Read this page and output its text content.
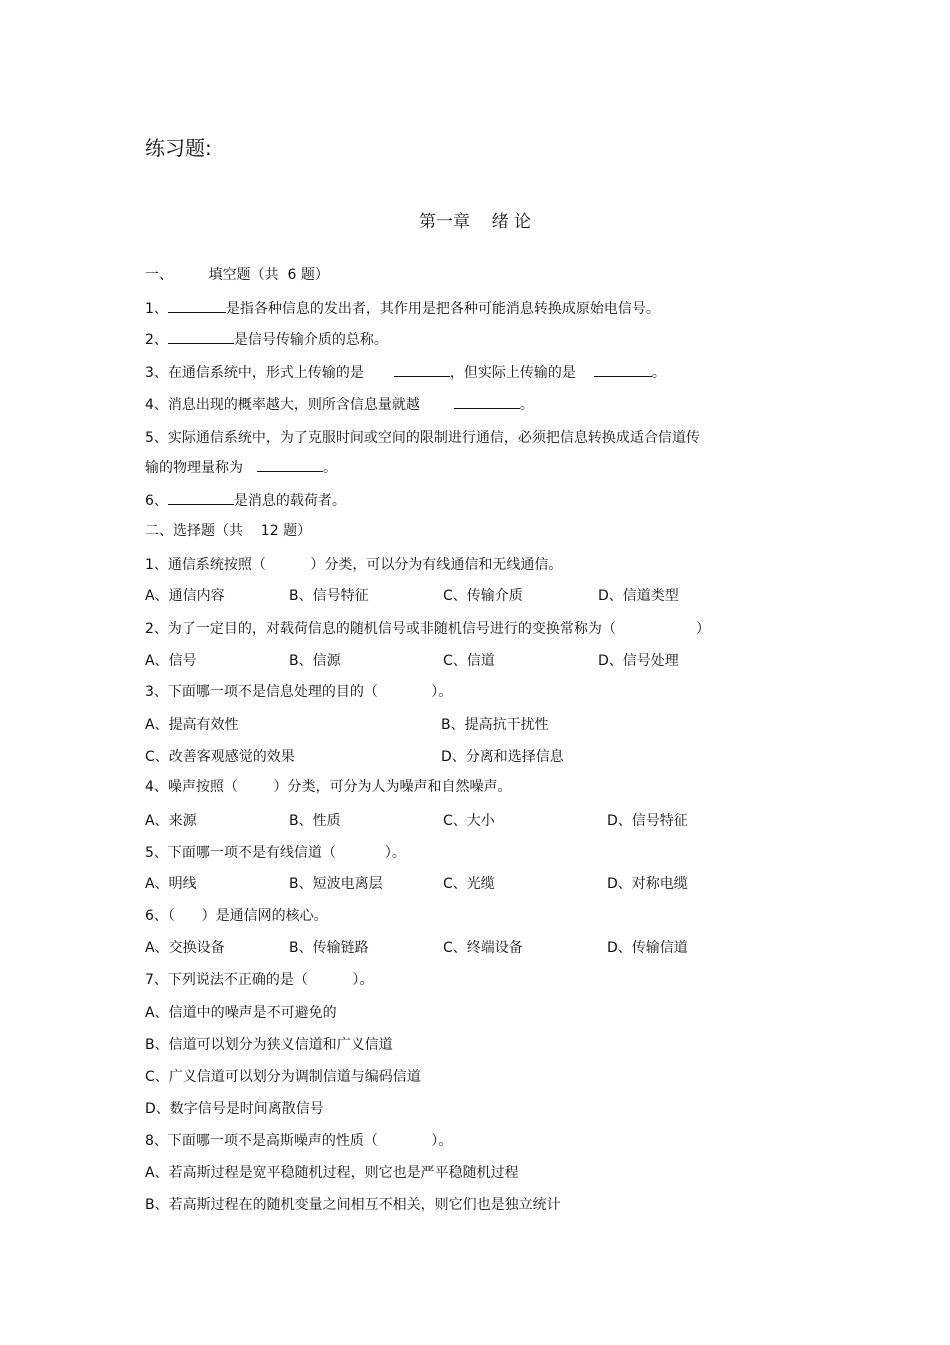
练习题:
第一章    绪 论
一、        填空题（共  6 题）
1、	是指各种信息的发出者，其作用是把各种可能消息转换成原始电信号。
2、	是信号传输介质的总称。
3、在通信系统中，形式上传输的是	，但实际上传输的是	。
4、消息出现的概率越大，则所含信息量就越	。
5、实际通信系统中，为了克服时间或空间的限制进行通信，必须把信息转换成适合信道传
输的物理量称为	。
6、	是消息的载荷者。
二、选择题（共    12 题）
1、通信系统按照（          ）分类，可以分为有线通信和无线通信。
A、通信内容	B、信号特征	C、传输介质	D、信道类型
2、为了一定目的，对载荷信息的随机信号或非随机信号进行的变换常称为（                  ）
A、信号	B、信源	C、信道	D、信号处理
3、下面哪一项不是信息处理的目的（            ）。
A、提高有效性	B、提高抗干扰性
C、改善客观感觉的效果	D、分离和选择信息
4、噪声按照（        ）分类，可分为人为噪声和自然噪声。
A、来源	B、性质	C、大小	D、信号特征
5、下面哪一项不是有线信道（           ）。
A、明线	B、短波电离层	C、光缆	D、对称电缆
6、（      ）是通信网的核心。
A、交换设备	B、传输链路	C、终端设备	D、传输信道
7、下列说法不正确的是（          ）。
A、信道中的噪声是不可避免的
B、信道可以划分为狭义信道和广义信道
C、广义信道可以划分为调制信道与编码信道
D、数字信号是时间离散信号
8、下面哪一项不是高斯噪声的性质（            ）。
A、若高斯过程是宽平稳随机过程，则它也是严平稳随机过程
B、若高斯过程在的随机变量之间相互不相关，则它们也是独立统计
